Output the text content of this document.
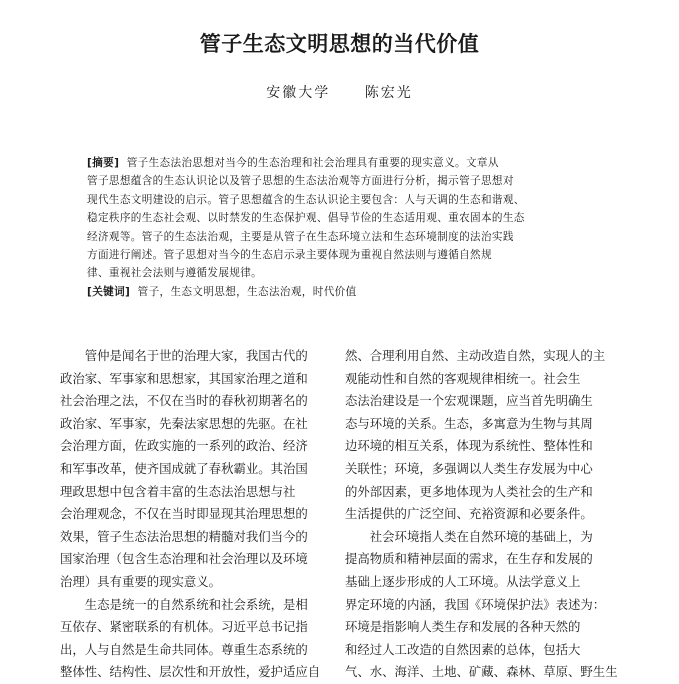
管子生态文明思想的当代价值
安徽大学 陈宏光
[摘要] 管子生态法治思想对当今的生态治理和社会治理具有重要的现实意义。文章从
管子思想蕴含的生态认识论以及管子思想的生态法治观等方面进行分析，揭示管子思想对
现代生态文明建设的启示。管子思想蕴含的生态认识论主要包含：人与天调的生态和谐观、
稳定秩序的生态社会观、以时禁发的生态保护观、倡导节俭的生态适用观、重农固本的生态
经济观等。管子的生态法治观，主要是从管子在生态环境立法和生态环境制度的法治实践
方面进行阐述。管子思想对当今的生态启示录主要体现为重视自然法则与遵循自然规
律、重视社会法则与遵循发展规律。
[关键词] 管子，生态文明思想，生态法治观，时代价值
　　管仲是闻名于世的治理大家，我国古代的
政治家、军事家和思想家，其国家治理之道和
社会治理之法，不仅在当时的春秋初期著名的
政治家、军事家，先秦法家思想的先驱。在社
会治理方面，佐政实施的一系列的政治、经济
和军事改革，使齐国成就了春秋霸业。其治国
理政思想中包含着丰富的生态法治思想与社
会治理观念，不仅在当时即显现其治理思想的
效果，管子生态法治思想的精髓对我们当今的
国家治理（包含生态治理和社会治理以及环境
治理）具有重要的现实意义。
　　生态是统一的自然系统和社会系统，是相
互依存、紧密联系的有机体。习近平总书记指
出，人与自然是生命共同体。尊重生态系统的
整体性、结构性、层次性和开放性，爱护适应自
然、合理利用自然、主动改造自然，实现人的主
观能动性和自然的客观规律相统一。社会生
态法治建设是一个宏观课题，应当首先明确生
态与环境的关系。生态，多寓意为生物与其周
边环境的相互关系，体现为系统性、整体性和
关联性；环境，多强调以人类生存发展为中心
的外部因素，更多地体现为人类社会的生产和
生活提供的广泛空间、充裕资源和必要条件。
　　社会环境指人类在自然环境的基础上，为
提高物质和精神层面的需求，在生存和发展的
基础上逐步形成的人工环境。从法学意义上
界定环境的内涵，我国《环境保护法》表述为：
环境是指影响人类生存和发展的各种天然的
和经过人工改造的自然因素的总体，包括大
气、水、海洋、土地、矿藏、森林、草原、野生生
